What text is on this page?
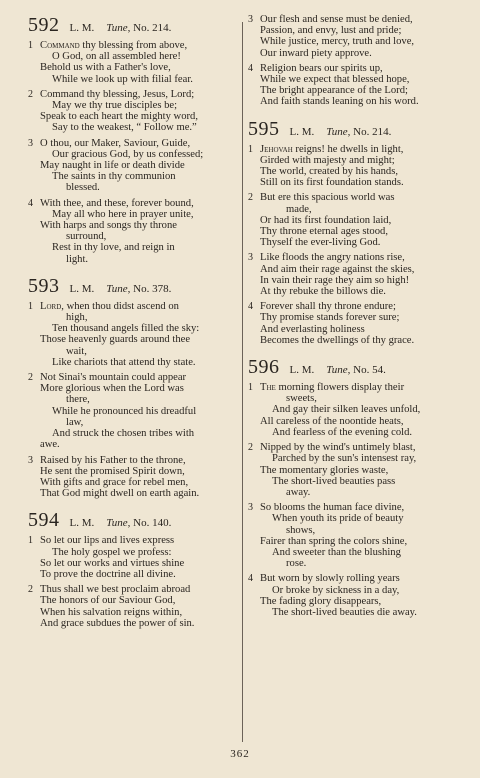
592 L. M. Tune, No. 214.
1 Command thy blessing from above,
O God, on all assembled here!
Behold us with a Father's love,
While we look up with filial fear.
2 Command thy blessing, Jesus, Lord;
May we thy true disciples be;
Speak to each heart the mighty word,
Say to the weakest, “ Follow me.”
3 O thou, our Maker, Saviour, Guide,
Our gracious God, by us confessed;
May naught in life or death divide
The saints in thy communion
blessed.
4 With thee, and these, forever bound,
May all who here in prayer unite,
With harps and songs thy throne
surround,
Rest in thy love, and reign in
light.
593 L. M. Tune, No. 378.
1 Lord, when thou didst ascend on
high,
Ten thousand angels filled the sky:
Those heavenly guards around thee
wait,
Like chariots that attend thy state.
2 Not Sinai's mountain could appear
More glorious when the Lord was
there,
While he pronounced his dreadful
law,
And struck the chosen tribes with
awe.
3 Raised by his Father to the throne,
He sent the promised Spirit down,
With gifts and grace for rebel men,
That God might dwell on earth again.
594 L. M. Tune, No. 140.
1 So let our lips and lives express
The holy gospel we profess:
So let our works and virtues shine
To prove the doctrine all divine.
2 Thus shall we best proclaim abroad
The honors of our Saviour God,
When his salvation reigns within,
And grace subdues the power of sin.
3 Our flesh and sense must be denied,
Passion, and envy, lust and pride;
While justice, mercy, truth and love,
Our inward piety approve.
4 Religion bears our spirits up,
While we expect that blessed hope,
The bright appearance of the Lord;
And faith stands leaning on his word.
595 L. M. Tune, No. 214.
1 Jehovah reigns! he dwells in light,
Girded with majesty and might;
The world, created by his hands,
Still on its first foundation stands.
2 But ere this spacious world was
made,
Or had its first foundation laid,
Thy throne eternal ages stood,
Thyself the ever-living God.
3 Like floods the angry nations rise,
And aim their rage against the skies,
In vain their rage they aim so high!
At thy rebuke the billows die.
4 Forever shall thy throne endure;
Thy promise stands forever sure;
And everlasting holiness
Becomes the dwellings of thy grace.
596 L. M. Tune, No. 54.
1 The morning flowers display their
sweets,
And gay their silken leaves unfold,
All careless of the noontide heats,
And fearless of the evening cold.
2 Nipped by the wind's untimely blast,
Parched by the sun's intensest ray,
The momentary glories waste,
The short-lived beauties pass
away.
3 So blooms the human face divine,
When youth its pride of beauty
shows,
Fairer than spring the colors shine,
And sweeter than the blushing
rose.
4 But worn by slowly rolling years
Or broke by sickness in a day,
The fading glory disappears,
The short-lived beauties die away.
362
